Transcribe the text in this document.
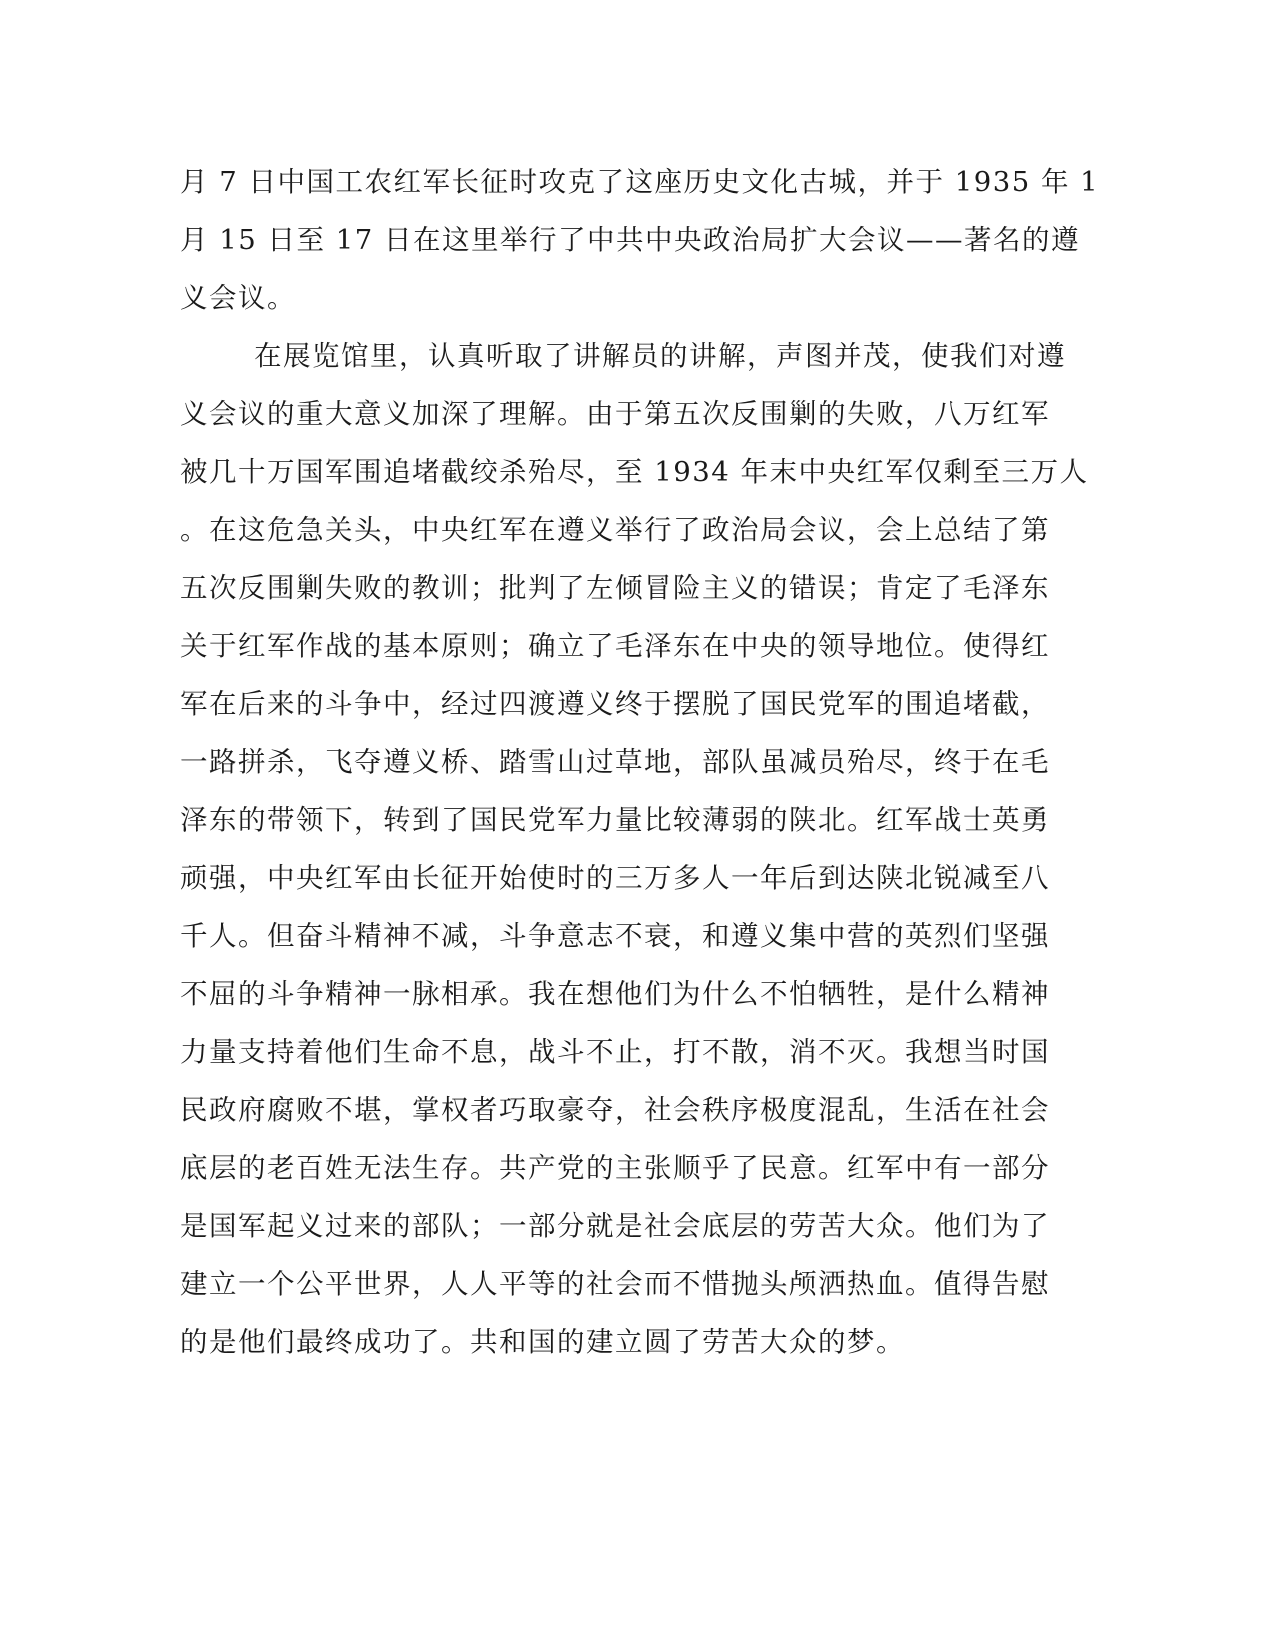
月 7 日中国工农红军长征时攻克了这座历史文化古城，并于 1935 年 1
月 15 日至 17 日在这里举行了中共中央政治局扩大会议——著名的遵
义会议。
在展览馆里，认真听取了讲解员的讲解，声图并茂，使我们对遵
义会议的重大意义加深了理解。由于第五次反围剿的失败，八万红军
被几十万国军围追堵截绞杀殆尽，至 1934 年末中央红军仅剩至三万人
。在这危急关头，中央红军在遵义举行了政治局会议，会上总结了第
五次反围剿失败的教训；批判了左倾冒险主义的错误；肯定了毛泽东
关于红军作战的基本原则；确立了毛泽东在中央的领导地位。使得红
军在后来的斗争中，经过四渡遵义终于摆脱了国民党军的围追堵截，
一路拼杀，飞夺遵义桥、踏雪山过草地，部队虽减员殆尽，终于在毛
泽东的带领下，转到了国民党军力量比较薄弱的陕北。红军战士英勇
顽强，中央红军由长征开始使时的三万多人一年后到达陕北锐减至八
千人。但奋斗精神不减，斗争意志不衰，和遵义集中营的英烈们坚强
不屈的斗争精神一脉相承。我在想他们为什么不怕牺牲，是什么精神
力量支持着他们生命不息，战斗不止，打不散，消不灭。我想当时国
民政府腐败不堪，掌权者巧取豪夺，社会秩序极度混乱，生活在社会
底层的老百姓无法生存。共产党的主张顺乎了民意。红军中有一部分
是国军起义过来的部队；一部分就是社会底层的劳苦大众。他们为了
建立一个公平世界，人人平等的社会而不惜抛头颅洒热血。值得告慰
的是他们最终成功了。共和国的建立圆了劳苦大众的梦。
